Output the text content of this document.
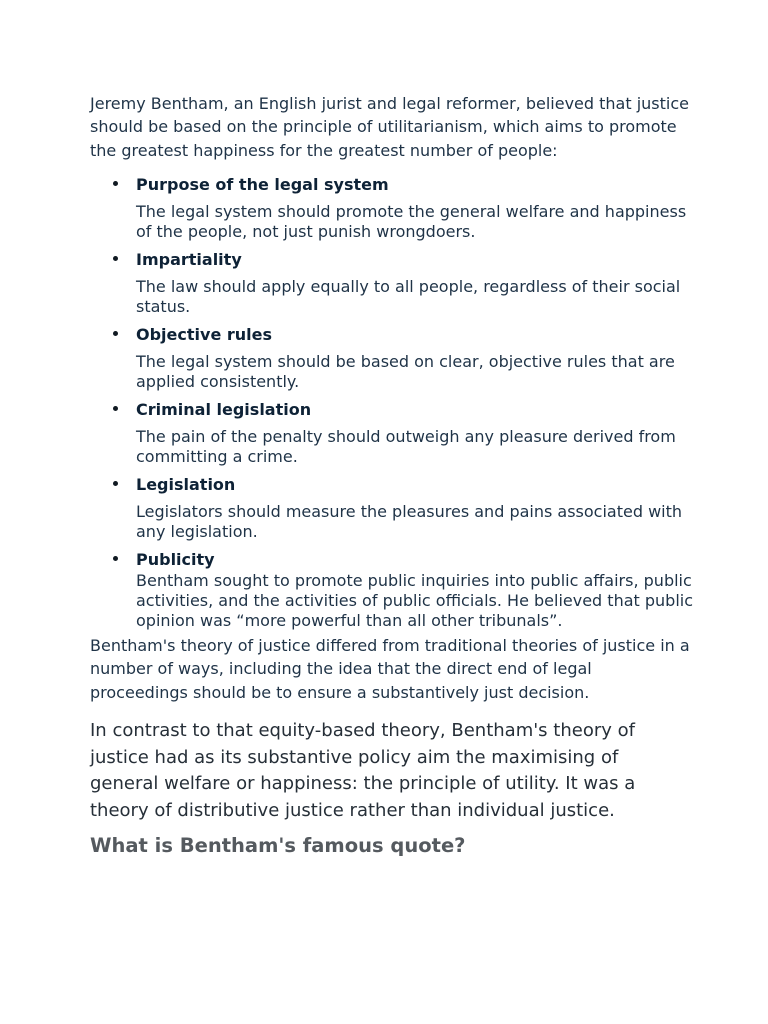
Jeremy Bentham, an English jurist and legal reformer, believed that justice should be based on the principle of utilitarianism, which aims to promote the greatest happiness for the greatest number of people:

Purpose of the legal system
The legal system should promote the general welfare and happiness of the people, not just punish wrongdoers.
Impartiality
The law should apply equally to all people, regardless of their social status.
Objective rules
The legal system should be based on clear, objective rules that are applied consistently.
Criminal legislation
The pain of the penalty should outweigh any pleasure derived from committing a crime.
Legislation
Legislators should measure the pleasures and pains associated with any legislation.
Publicity
Bentham sought to promote public inquiries into public affairs, public activities, and the activities of public officials. He believed that public opinion was “more powerful than all other tribunals”.

Bentham's theory of justice differed from traditional theories of justice in a number of ways, including the idea that the direct end of legal proceedings should be to ensure a substantively just decision.

In contrast to that equity-based theory, Bentham's theory of justice had as its substantive policy aim the maximising of general welfare or happiness: the principle of utility. It was a theory of distributive justice rather than individual justice.

What is Bentham's famous quote?
